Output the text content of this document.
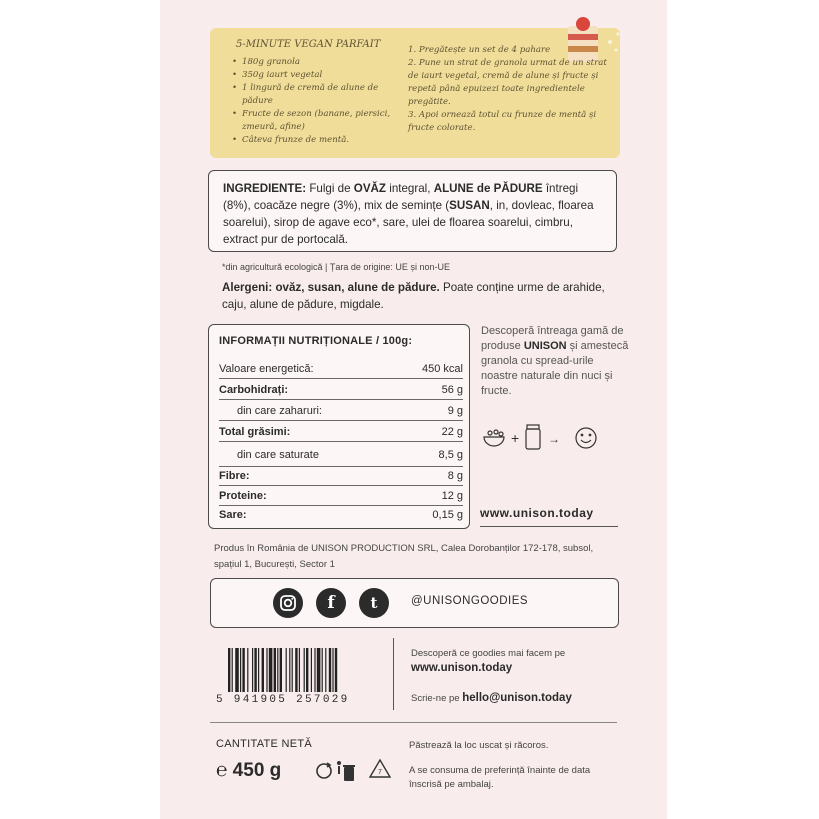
5-MINUTE VEGAN PARFAIT
• 180g granola
• 350g iaurt vegetal
• 1 lingură de cremă de alune de pădure
• Fructe de sezon (banane, piersici, zmeură, afine)
• Câteva frunze de mentă.
1. Pregătește un set de 4 pahare
2. Pune un strat de granola urmat de un strat de iaurt vegetal, cremă de alune și fructe și repetă până epuizezi toate ingredientele pregătite.
3. Apoi ornează totul cu frunze de mentă și fructe colorate.

INGREDIENTE: Fulgi de OVĂZ integral, ALUNE de PĂDURE întregi (8%), coacăze negre (3%), mix de semințe (SUSAN, in, dovleac, floarea soarelui), sirop de agave eco*, sare, ulei de floarea soarelui, cimbru, extract pur de portocală.

*din agricultură ecologică | Țara de origine: UE și non-UE
Alergeni: ovăz, susan, alune de pădure. Poate conține urme de arahide, caju, alune de pădure, migdale.
INFORMAȚII NUTRIȚIONALE / 100g:
Valoare energetică:	450 kcal
Carbohidrați:	56 g
din care zaharuri:	9 g
Total grăsimi:	22 g
din care saturate	8,5 g
Fibre:	8 g
Proteine:	12 g
Sare:	0,15 g
Descoperă întreaga gamă de produse UNISON și amestecă granola cu spread-urile noastre naturale din nuci și fructe.
+ →
www.unison.today
Produs în România de UNISON PRODUCTION SRL, Calea Dorobanților 172-178, subsol, spațiul 1, București, Sector 1
f	t	@UNISONGOODIES
5 941905 257029
Descoperă ce goodies mai facem pe
www.unison.today
Scrie-ne pe hello@unison.today
CANTITATE NETĂ
℮ 450 g	7
Păstrează la loc uscat și răcoros.
A se consuma de preferință înainte de data înscrisă pe ambalaj.
